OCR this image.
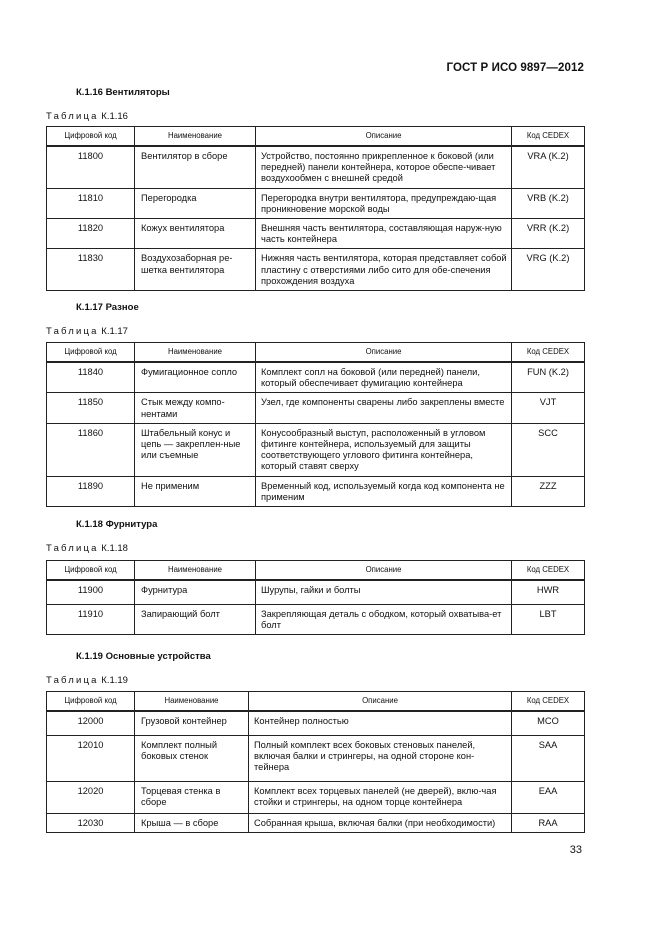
ГОСТ Р ИСО 9897—2012
К.1.16 Вентиляторы
Таблица К.1.16
Цифровой код	Наименование	Описание	Код CEDEX
11800	Вентилятор в сборе	Устройство, постоянно прикрепленное к боковой (или передней) панели контейнера, которое обеспе-чивает воздухообмен с внешней средой	VRA (K.2)
11810	Перегородка	Перегородка внутри вентилятора, предупреждаю-щая проникновение морской воды	VRB (K.2)
11820	Кожух вентилятора	Внешняя часть вентилятора, составляющая наруж-ную часть контейнера	VRR (K.2)
11830	Воздухозаборная ре-шетка вентилятора	Нижняя часть вентилятора, которая представляет собой пластину с отверстиями либо сито для обе-спечения прохождения воздуха	VRG (K.2)
К.1.17 Разное
Таблица К.1.17
Цифровой код	Наименование	Описание	Код CEDEX
11840	Фумигационное сопло	Комплект сопл на боковой (или передней) панели, который обеспечивает фумигацию контейнера	FUN (K.2)
11850	Стык между компо-нентами	Узел, где компоненты сварены либо закреплены вместе	VJT
11860	Штабельный конус и цепь — закреплен-ные или съемные	Конусообразный выступ, расположенный в угловом фитинге контейнера, используемый для защиты соответствующего углового фитинга контейнера, который ставят сверху	SCC
11890	Не применим	Временный код, используемый когда код компонента не применим	ZZZ
К.1.18 Фурнитура
Таблица К.1.18
Цифровой код	Наименование	Описание	Код CEDEX
11900	Фурнитура	Шурупы, гайки и болты	HWR
11910	Запирающий болт	Закрепляющая деталь с ободком, который охватыва-ет болт	LBT
К.1.19 Основные устройства
Таблица К.1.19
Цифровой код	Наименование	Описание	Код CEDEX
12000	Грузовой контейнер	Контейнер полностью	MCO
12010	Комплект полный боковых стенок	Полный комплект всех боковых стеновых панелей, включая балки и стрингеры, на одной стороне кон-тейнера	SAA
12020	Торцевая стенка в сборе	Комплект всех торцевых панелей (не дверей), вклю-чая стойки и стрингеры, на одном торце контейнера	EAA
12030	Крыша — в сборе	Собранная крыша, включая балки (при необходимости)	RAA
33
